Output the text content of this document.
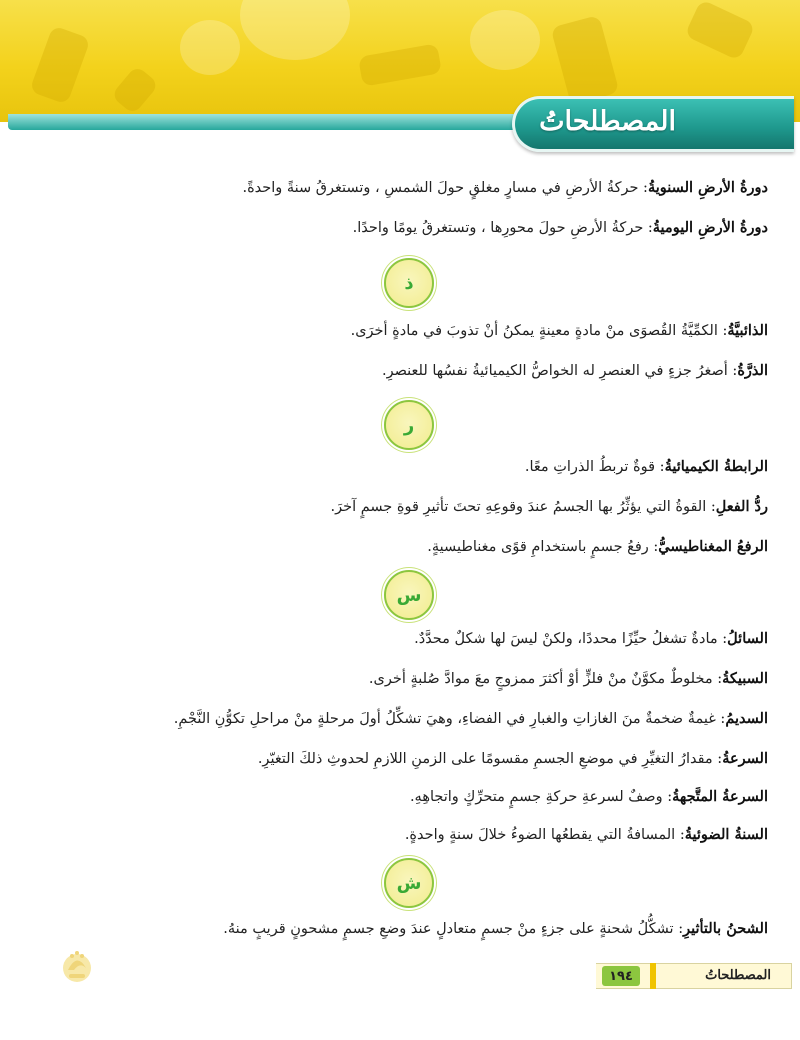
المصطلحاتُ
دورةُ الأرضِ السنويةُ: حركةُ الأرضِ في مسارٍ مغلقٍ حولَ الشمسِ ، وتستغرقُ سنةً واحدةً.
دورةُ الأرضِ اليوميةُ: حركةُ الأرضِ حولَ محورِها ، وتستغرقُ يومًا واحدًا.
ذ
الذائبيَّةُ: الكمِّيَّةُ القُصوَى منْ مادةٍ معينةٍ يمكنُ أنْ تذوبَ في مادةٍ أخرَى.
الذرَّةُ: أصغرُ جزءٍ في العنصرِ له الخواصُّ الكيميائيةُ نفسُها للعنصرِ.
ر
الرابطةُ الكيميائيةُ: قوةٌ تربطُ الذراتِ معًا.
ردُّ الفعلِ: القوةُ التي يؤثِّرُ بها الجسمُ عندَ وقوعِهِ تحتَ تأثيرِ قوةِ جسمٍ آخرَ.
الرفعُ المغناطيسيُّ: رفعُ جسمٍ باستخدامِ قوًى مغناطيسيةٍ.
س
السائلُ: مادةٌ تشغلُ حيِّزًا محددًا، ولكنْ ليسَ لها شكلٌ محدَّدٌ.
السبيكةُ: مخلوطٌ مكوَّنٌ منْ فلزٍّ أوْ أكثرَ ممزوجٍ معَ موادَّ صُلبةٍ أخرى.
السديمُ: غيمةٌ ضخمةٌ منَ الغازاتِ والغبارِ في الفضاءِ، وهيَ تشكِّلُ أولَ مرحلةٍ منْ مراحلِ تكوُّنِ النَّجْمِ.
السرعةُ: مقدارُ التغيِّرِ في موضعِ الجسمِ مقسومًا على الزمنِ اللازمِ لحدوثِ ذلكَ التغيّرِ.
السرعةُ المتَّجهةُ: وصفٌ لسرعةِ حركةِ جسمٍ متحرِّكٍ واتجاهِهِ.
السنةُ الضوئيةُ: المسافةُ التي يقطعُها الضوءُ خلالَ سنةٍ واحدةٍ.
ش
الشحنُ بالتأثيرِ: تشكُّلُ شحنةٍ على جزءٍ منْ جسمٍ متعادلٍ عندَ وضعِ جسمٍ مشحونٍ قريبٍ منهُ.
المصطلحاتُ
١٩٤
